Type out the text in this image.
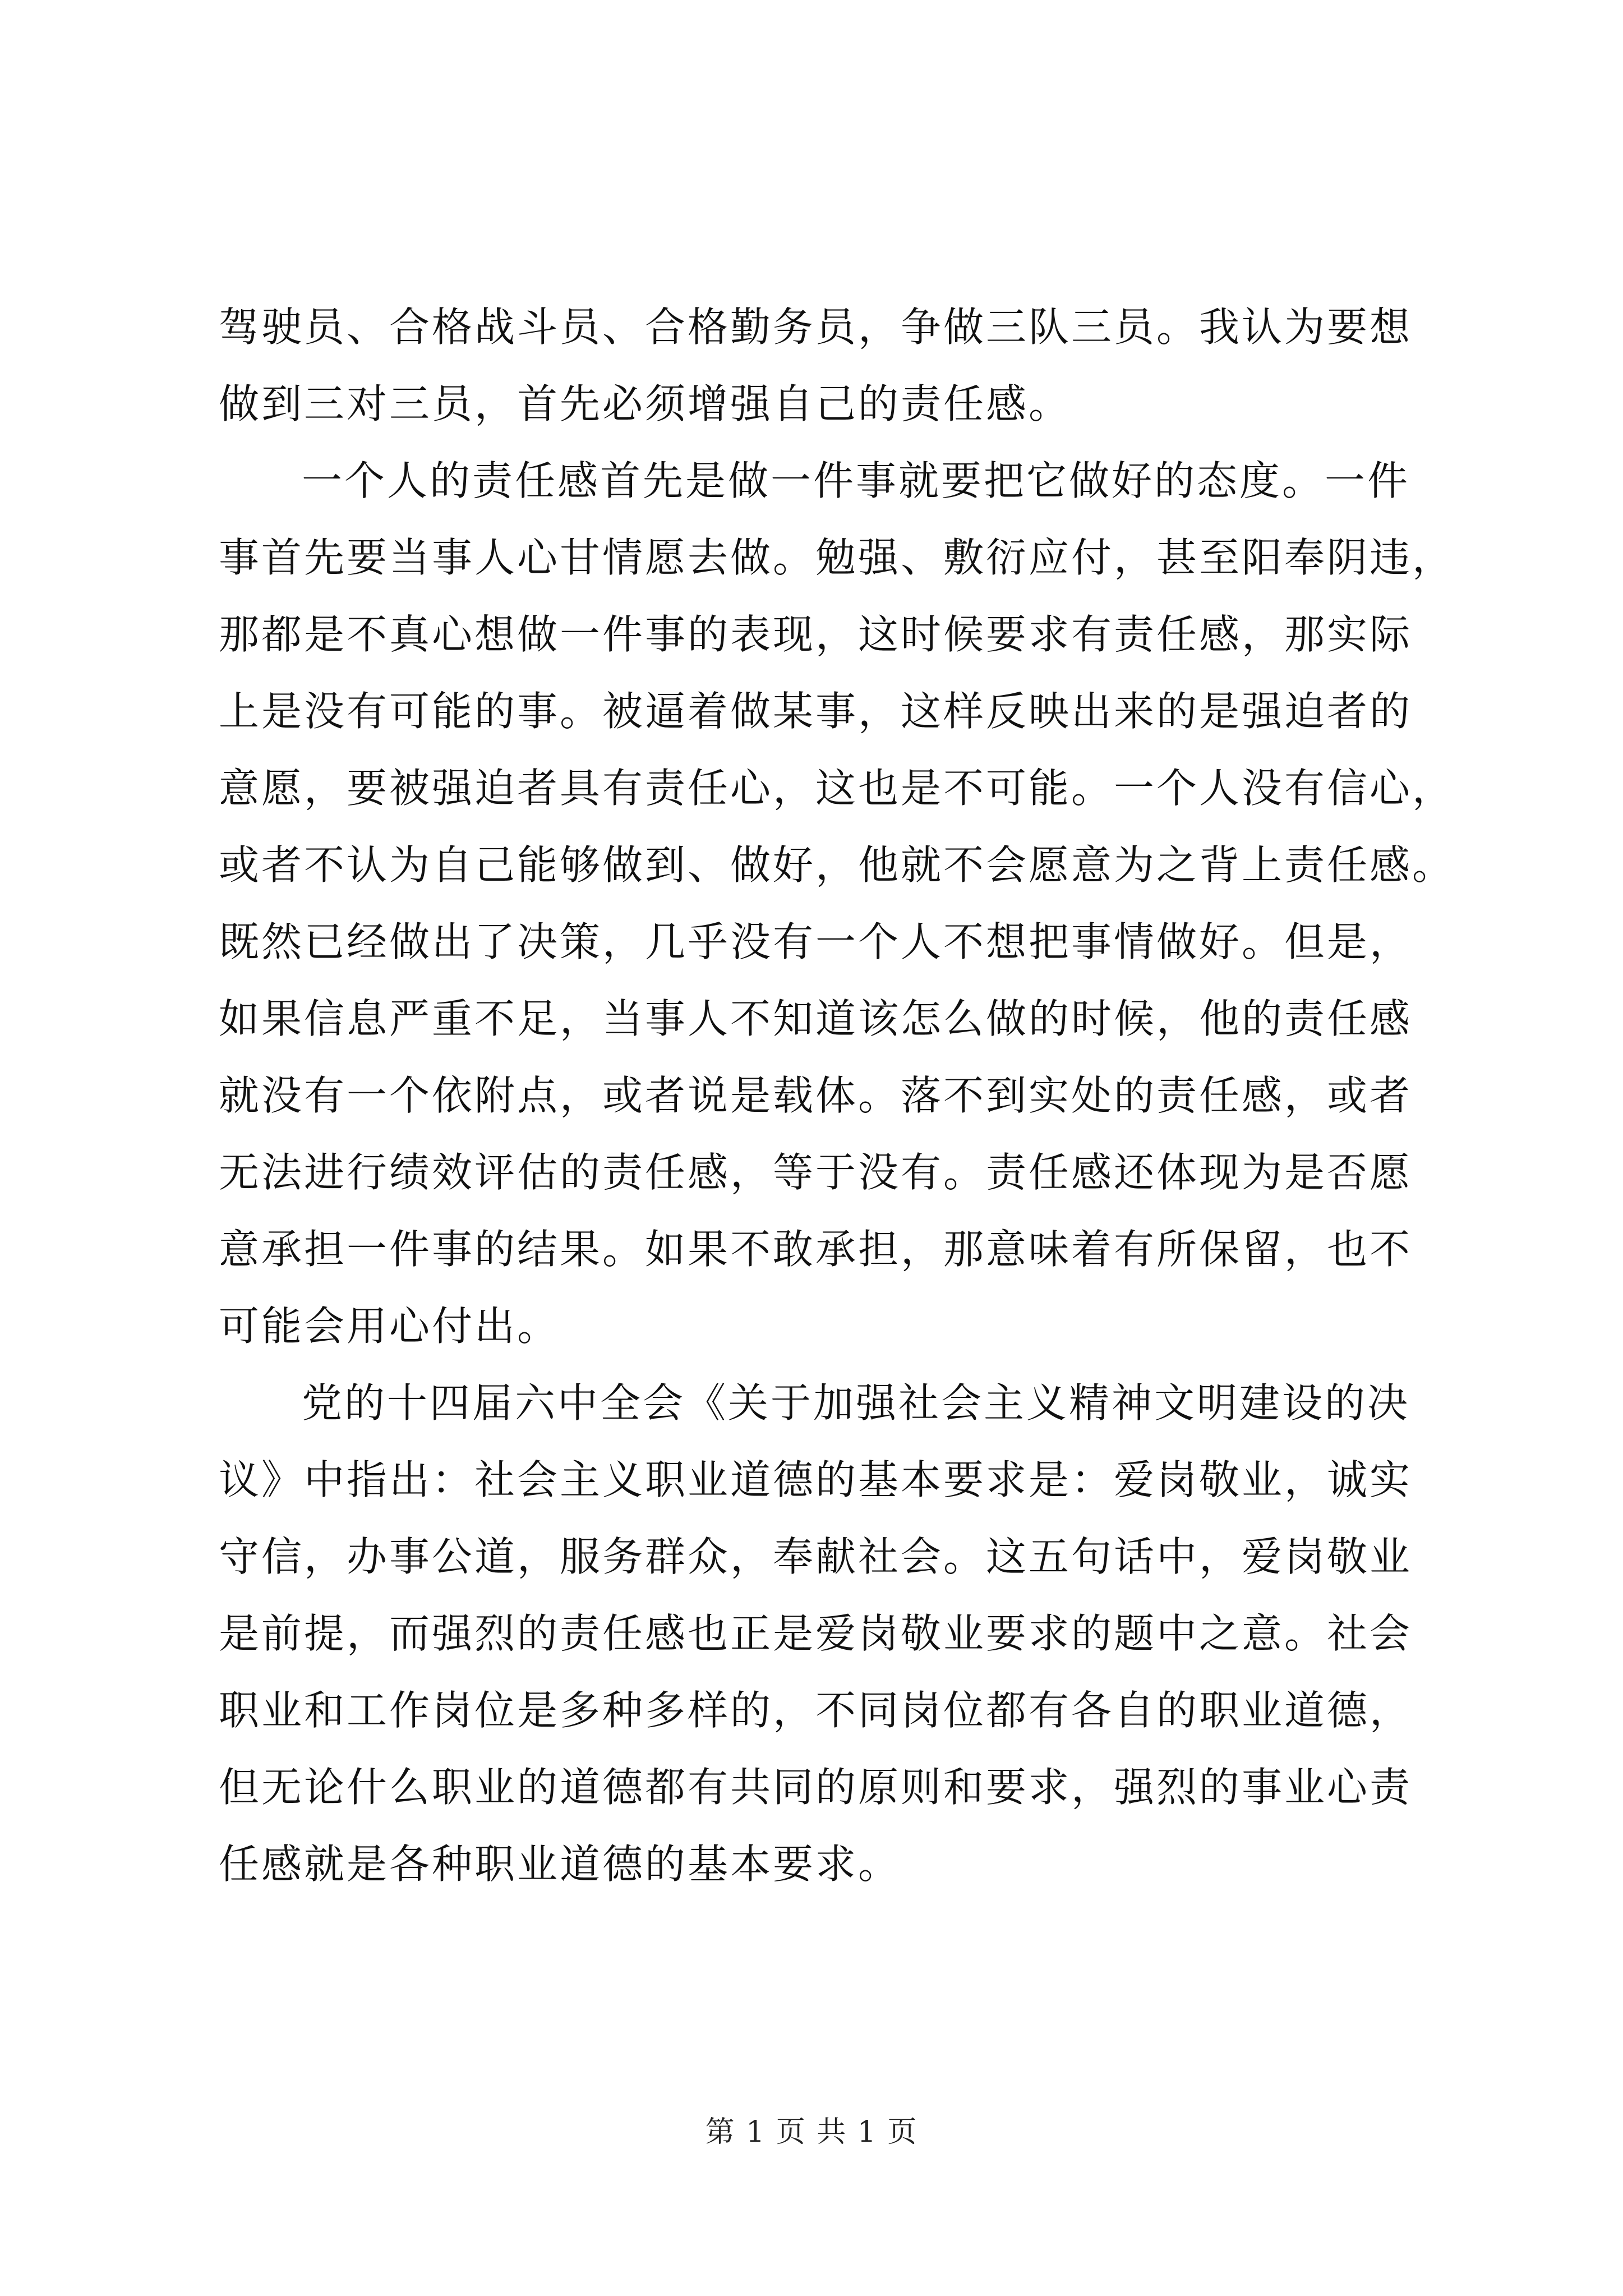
驾驶员、合格战斗员、合格勤务员，争做三队三员。我认为要想
做到三对三员，首先必须增强自己的责任感。
一个人的责任感首先是做一件事就要把它做好的态度。一件
事首先要当事人心甘情愿去做。勉强、敷衍应付，甚至阳奉阴违，
那都是不真心想做一件事的表现，这时候要求有责任感，那实际
上是没有可能的事。被逼着做某事，这样反映出来的是强迫者的
意愿，要被强迫者具有责任心，这也是不可能。一个人没有信心，
或者不认为自己能够做到、做好，他就不会愿意为之背上责任感。
既然已经做出了决策，几乎没有一个人不想把事情做好。但是，
如果信息严重不足，当事人不知道该怎么做的时候，他的责任感
就没有一个依附点，或者说是载体。落不到实处的责任感，或者
无法进行绩效评估的责任感，等于没有。责任感还体现为是否愿
意承担一件事的结果。如果不敢承担，那意味着有所保留，也不
可能会用心付出。
党的十四届六中全会《关于加强社会主义精神文明建设的决
议》中指出：社会主义职业道德的基本要求是：爱岗敬业，诚实
守信，办事公道，服务群众，奉献社会。这五句话中，爱岗敬业
是前提，而强烈的责任感也正是爱岗敬业要求的题中之意。社会
职业和工作岗位是多种多样的，不同岗位都有各自的职业道德，
但无论什么职业的道德都有共同的原则和要求，强烈的事业心责
任感就是各种职业道德的基本要求。
第 1 页 共 1 页
